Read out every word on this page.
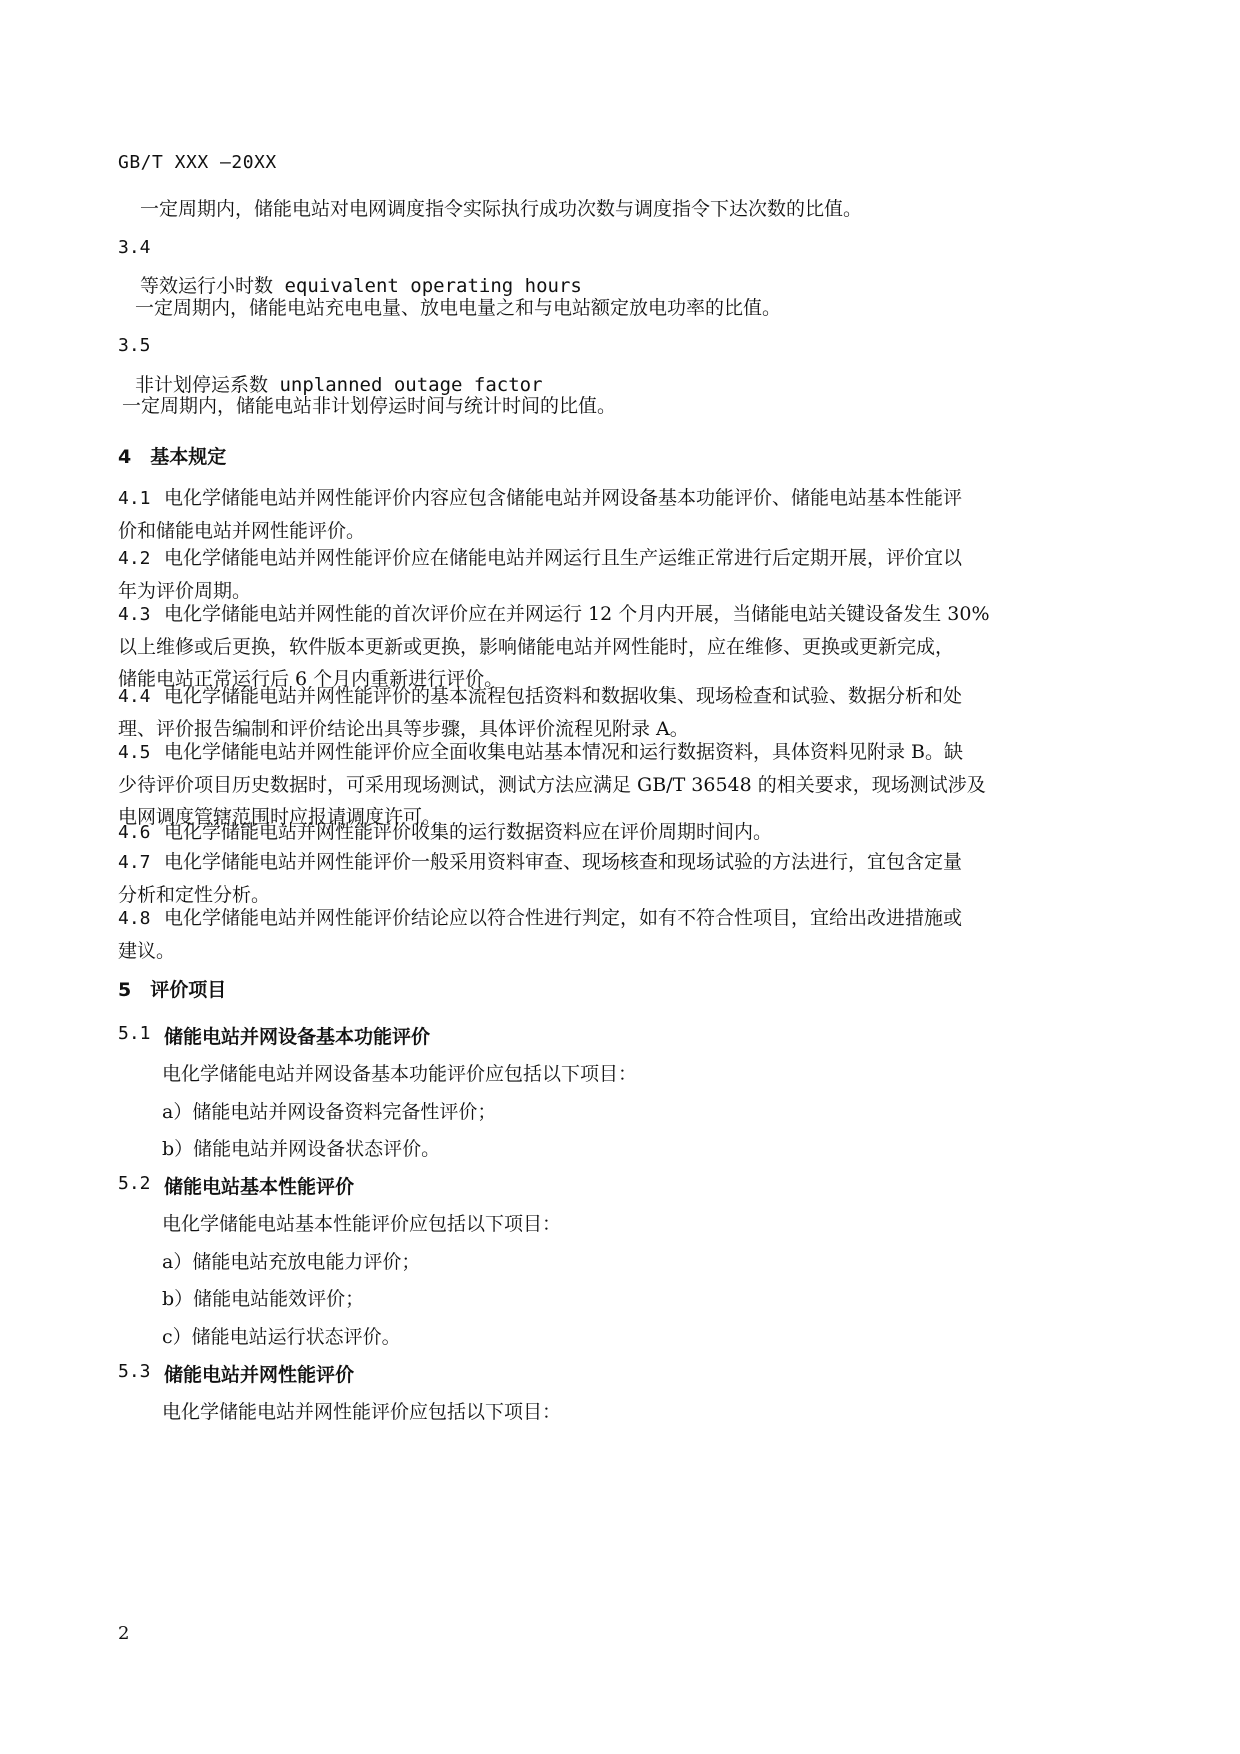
GB/T XXX —20XX
一定周期内，储能电站对电网调度指令实际执行成功次数与调度指令下达次数的比值。
3.4
等效运行小时数 equivalent operating hours
一定周期内，储能电站充电电量、放电电量之和与电站额定放电功率的比值。
3.5
非计划停运系数 unplanned outage factor
一定周期内，储能电站非计划停运时间与统计时间的比值。
4　基本规定
4.1 电化学储能电站并网性能评价内容应包含储能电站并网设备基本功能评价、储能电站基本性能评
价和储能电站并网性能评价。
4.2 电化学储能电站并网性能评价应在储能电站并网运行且生产运维正常进行后定期开展，评价宜以
年为评价周期。
4.3 电化学储能电站并网性能的首次评价应在并网运行 12 个月内开展，当储能电站关键设备发生 30%
以上维修或后更换，软件版本更新或更换，影响储能电站并网性能时，应在维修、更换或更新完成，
储能电站正常运行后 6 个月内重新进行评价。
4.4 电化学储能电站并网性能评价的基本流程包括资料和数据收集、现场检查和试验、数据分析和处
理、评价报告编制和评价结论出具等步骤，具体评价流程见附录 A。
4.5 电化学储能电站并网性能评价应全面收集电站基本情况和运行数据资料，具体资料见附录 B。缺
少待评价项目历史数据时，可采用现场测试，测试方法应满足 GB/T 36548 的相关要求，现场测试涉及
电网调度管辖范围时应报请调度许可。
4.6 电化学储能电站并网性能评价收集的运行数据资料应在评价周期时间内。
4.7 电化学储能电站并网性能评价一般采用资料审查、现场核查和现场试验的方法进行，宜包含定量
分析和定性分析。
4.8 电化学储能电站并网性能评价结论应以符合性进行判定，如有不符合性项目，宜给出改进措施或
建议。
5　评价项目
5.1 储能电站并网设备基本功能评价
电化学储能电站并网设备基本功能评价应包括以下项目：
a）储能电站并网设备资料完备性评价；
b）储能电站并网设备状态评价。
5.2 储能电站基本性能评价
电化学储能电站基本性能评价应包括以下项目：
a）储能电站充放电能力评价；
b）储能电站能效评价；
c）储能电站运行状态评价。
5.3 储能电站并网性能评价
电化学储能电站并网性能评价应包括以下项目：
2
